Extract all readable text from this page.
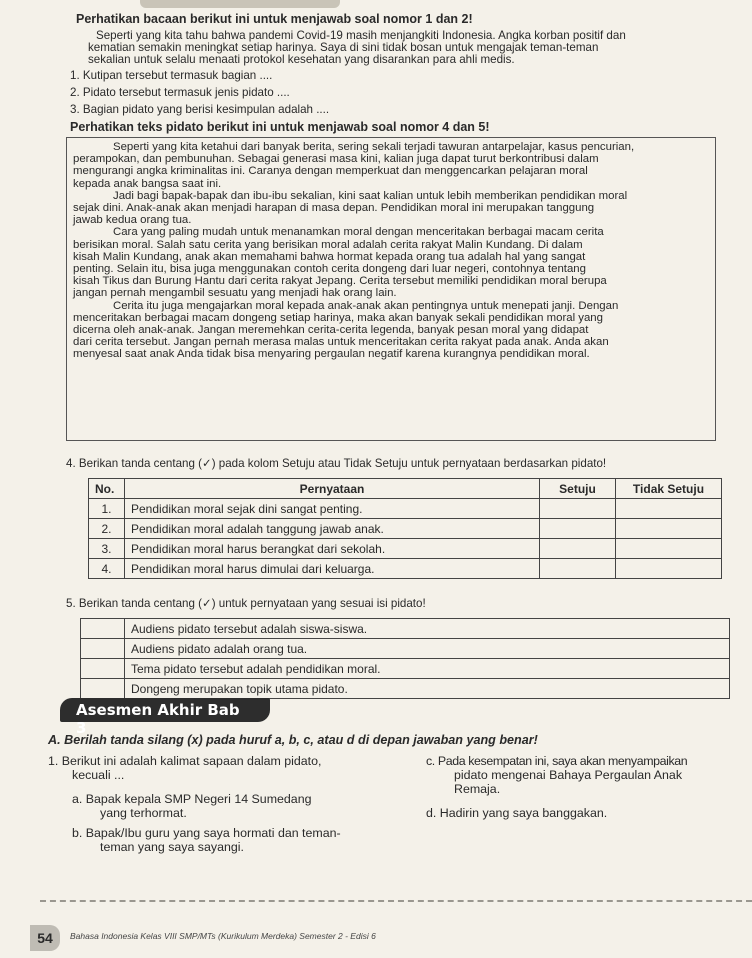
Perhatikan bacaan berikut ini untuk menjawab soal nomor 1 dan 2!
Seperti yang kita tahu bahwa pandemi Covid-19 masih menjangkiti Indonesia. Angka korban positif dan
kematian semakin meningkat setiap harinya. Saya di sini tidak bosan untuk mengajak teman-teman
sekalian untuk selalu menaati protokol kesehatan yang disarankan para ahli medis.
1. Kutipan tersebut termasuk bagian ....
2. Pidato tersebut termasuk jenis pidato ....
3. Bagian pidato yang berisi kesimpulan adalah ....
Perhatikan teks pidato berikut ini untuk menjawab soal nomor 4 dan 5!
Seperti yang kita ketahui dari banyak berita, sering sekali terjadi tawuran antarpelajar, kasus pencurian,
perampokan, dan pembunuhan. Sebagai generasi masa kini, kalian juga dapat turut berkontribusi dalam
mengurangi angka kriminalitas ini. Caranya dengan memperkuat dan menggencarkan pelajaran moral
kepada anak bangsa saat ini.
Jadi bagi bapak-bapak dan ibu-ibu sekalian, kini saat kalian untuk lebih memberikan pendidikan moral
sejak dini. Anak-anak akan menjadi harapan di masa depan. Pendidikan moral ini merupakan tanggung
jawab kedua orang tua.
Cara yang paling mudah untuk menanamkan moral dengan menceritakan berbagai macam cerita
berisikan moral. Salah satu cerita yang berisikan moral adalah cerita rakyat Malin Kundang. Di dalam
kisah Malin Kundang, anak akan memahami bahwa hormat kepada orang tua adalah hal yang sangat
penting. Selain itu, bisa juga menggunakan contoh cerita dongeng dari luar negeri, contohnya tentang
kisah Tikus dan Burung Hantu dari cerita rakyat Jepang. Cerita tersebut memiliki pendidikan moral berupa
jangan pernah mengambil sesuatu yang menjadi hak orang lain.
Cerita itu juga mengajarkan moral kepada anak-anak akan pentingnya untuk menepati janji. Dengan
menceritakan berbagai macam dongeng setiap harinya, maka akan banyak sekali pendidikan moral yang
dicerna oleh anak-anak. Jangan meremehkan cerita-cerita legenda, banyak pesan moral yang didapat
dari cerita tersebut. Jangan pernah merasa malas untuk menceritakan cerita rakyat pada anak. Anda akan
menyesal saat anak Anda tidak bisa menyaring pergaulan negatif karena kurangnya pendidikan moral.
4. Berikan tanda centang (✓) pada kolom Setuju atau Tidak Setuju untuk pernyataan berdasarkan pidato!
No.	Pernyataan	Setuju	Tidak Setuju
1.	Pendidikan moral sejak dini sangat penting.		
2.	Pendidikan moral adalah tanggung jawab anak.		
3.	Pendidikan moral harus berangkat dari sekolah.		
4.	Pendidikan moral harus dimulai dari keluarga.		
5. Berikan tanda centang (✓) untuk pernyataan yang sesuai isi pidato!
	Audiens pidato tersebut adalah siswa-siswa.
	Audiens pidato adalah orang tua.
	Tema pidato tersebut adalah pendidikan moral.
	Dongeng merupakan topik utama pidato.
Asesmen Akhir Bab 3
A. Berilah tanda silang (x) pada huruf a, b, c, atau d di depan jawaban yang benar!
1. Berikut ini adalah kalimat sapaan dalam pidato,
kecuali ...
a. Bapak kepala SMP Negeri 14 Sumedang
yang terhormat.
b. Bapak/Ibu guru yang saya hormati dan teman-
teman yang saya sayangi.
c. Pada kesempatan ini, saya akan menyampaikan
pidato mengenai Bahaya Pergaulan Anak
Remaja.
d. Hadirin yang saya banggakan.
54	Bahasa Indonesia Kelas VIII SMP/MTs (Kurikulum Merdeka) Semester 2 - Edisi 6
